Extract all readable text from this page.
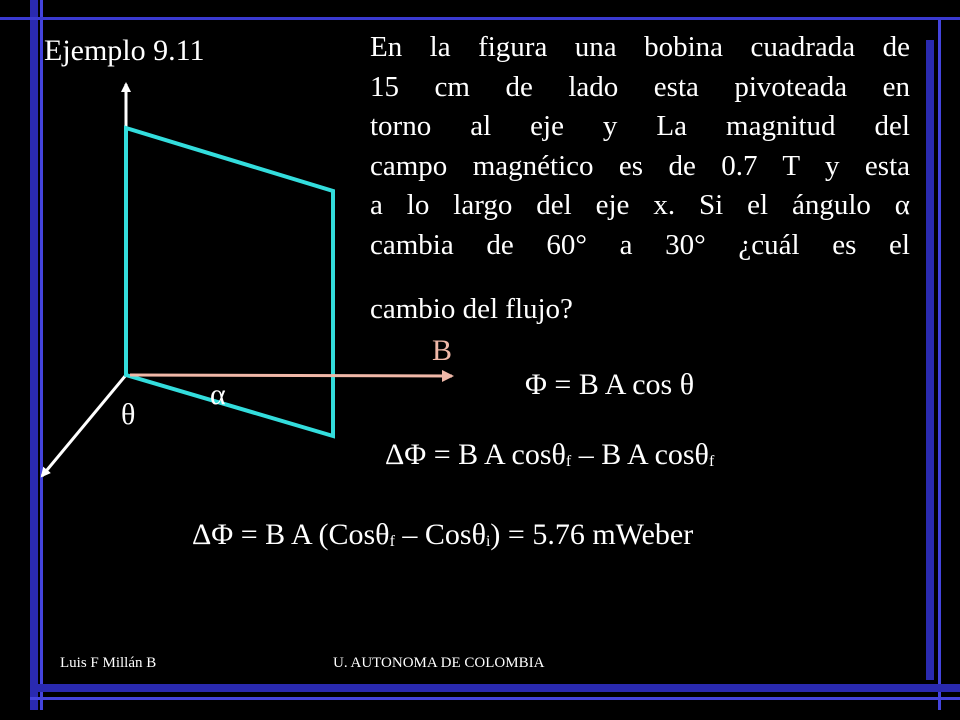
Ejemplo 9.11	En la figura una bobina cuadrada de
15 cm de lado esta pivoteada en
torno al eje y La magnitud del
campo magnético es de 0.7 T y esta
a lo largo del eje x. Si el ángulo α
cambia de 60° a 30° ¿cuál es el
cambio del flujo?
B
α
θ
Φ = B A cos θ
ΔΦ = B A cosθf – B A cosθf
ΔΦ = B A (Cosθf – Cosθi) = 5.76 mWeber
Luis F Millán B	U. AUTONOMA DE COLOMBIA
